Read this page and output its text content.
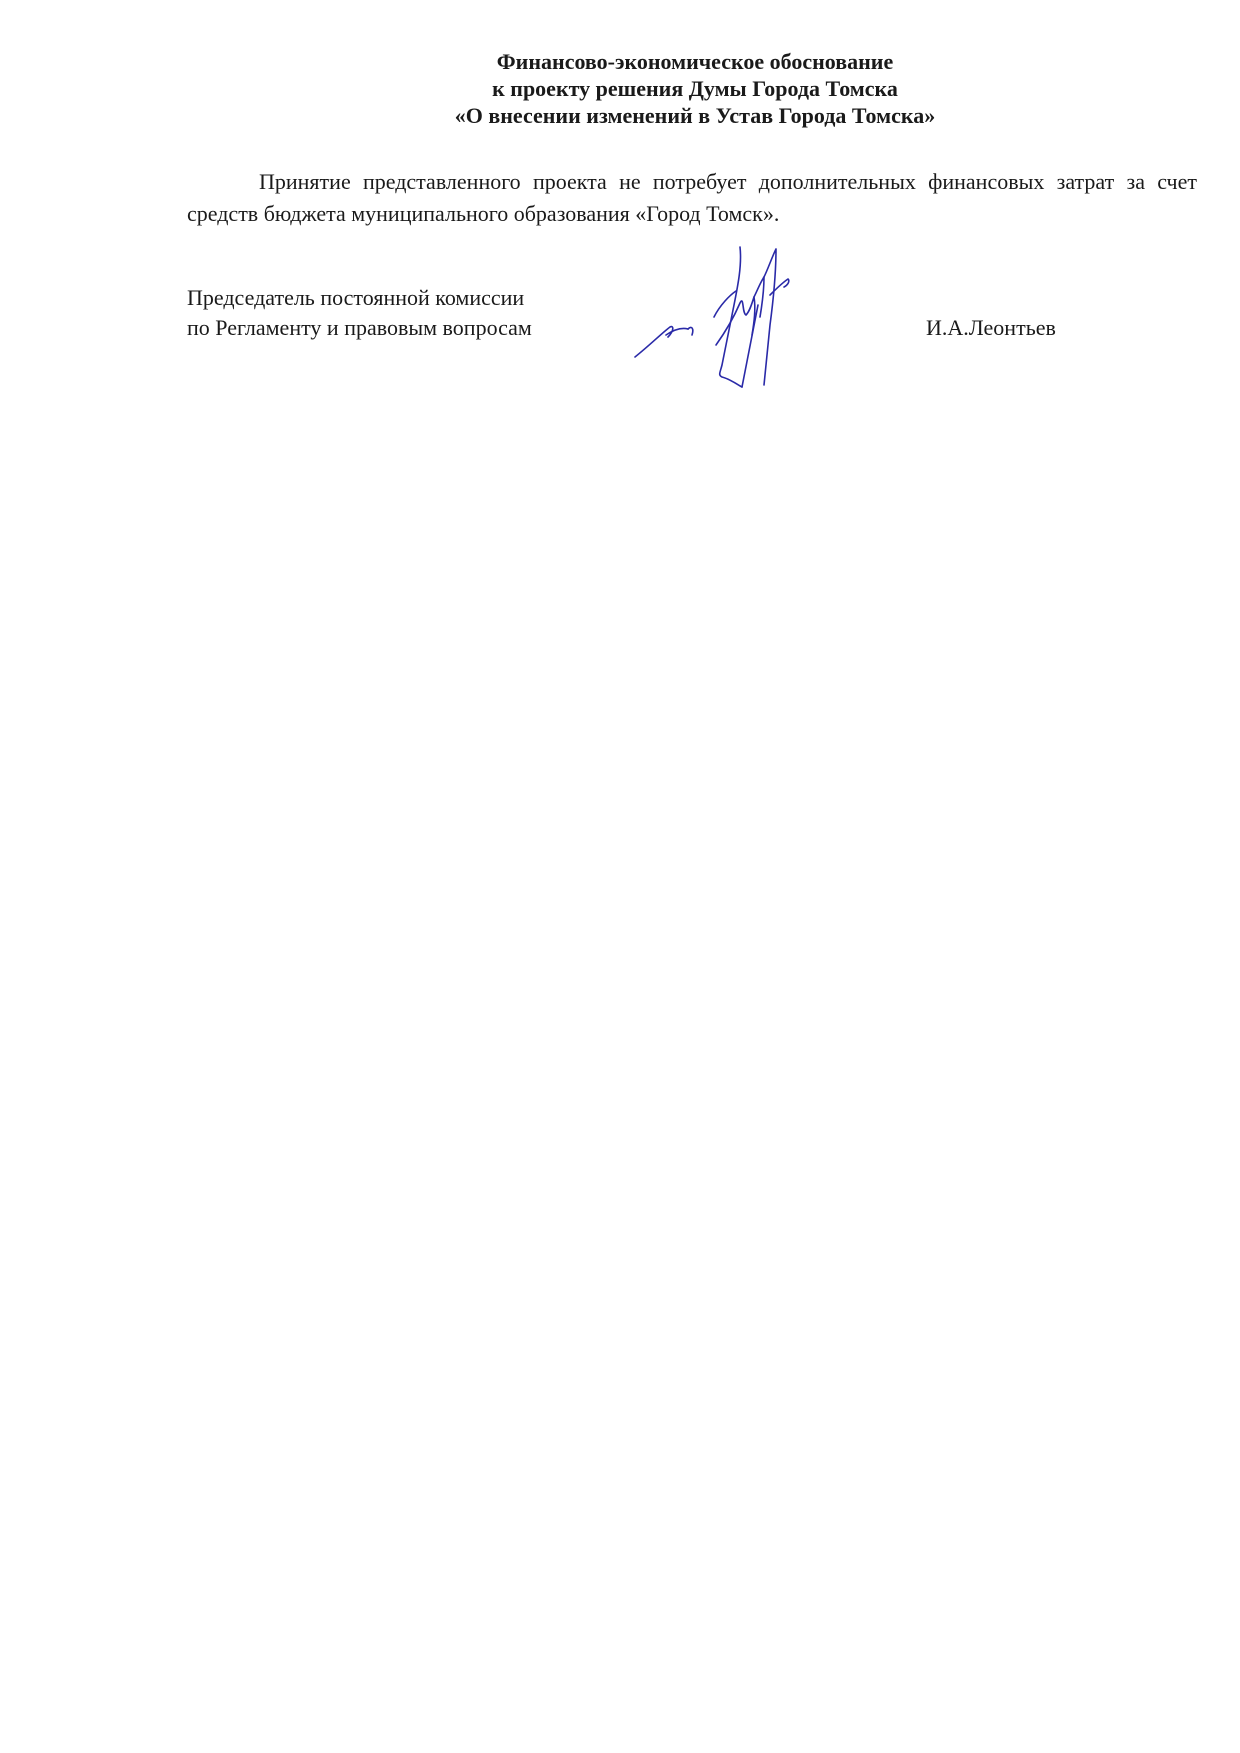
Финансово-экономическое обоснование
к проекту решения Думы Города Томска
«О внесении изменений в Устав Города Томска»
Принятие представленного проекта не потребует дополнительных финансовых затрат за счет средств бюджета муниципального образования «Город Томск».
Председатель постоянной комиссии
по Регламенту и правовым вопросам	И.А.Леонтьев
